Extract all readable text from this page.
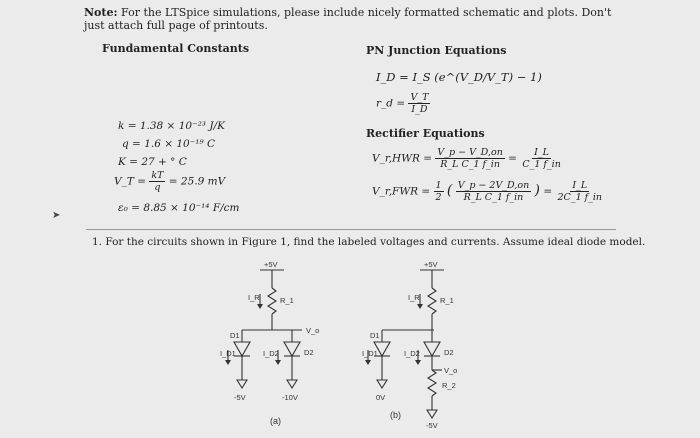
Note: For the LTSpice simulations, please include nicely formatted schematic and plots. Don't just attach full page of printouts.
Fundamental Constants
k = 1.38 × 10⁻²³ J/K
q = 1.6 × 10⁻¹⁹ C
K = 27 + ° C
V_T = $\frac{kT}{q} = 25.9$ mV
ε₀ = 8.85 × 10⁻¹⁴ F/cm
PN Junction Equations
I_D = I_S (e^(V_D/V_T) − 1)
r_d = $\frac{V\_T}{I\_D}$
Rectifier Equations
V_r,HWR = $\frac{V\_p - V\_D,on}{\text{R\_L C\_1 f\_in}} = \frac{I\_L}{C\_1 f\_in}$
V_r,FWR = $\frac{1}{2}$ ( $\frac{V\_p - 2V\_D,on}{\text{R\_L C\_1 f\_in}}$ ) = $\frac{I\_L}{2C\_1 f\_in}$
➤
1. For the circuits shown in Figure 1, find the labeled voltages and currents. Assume ideal diode model.
+5V
I_R	R_1
V_o
D1
D2
I_D1	I_D2
-5V	-10V
(a)
+5V
I_R	R_1
D1
D2
I_D1	I_D2
V_o
R_2
0V
-5V
(b)
